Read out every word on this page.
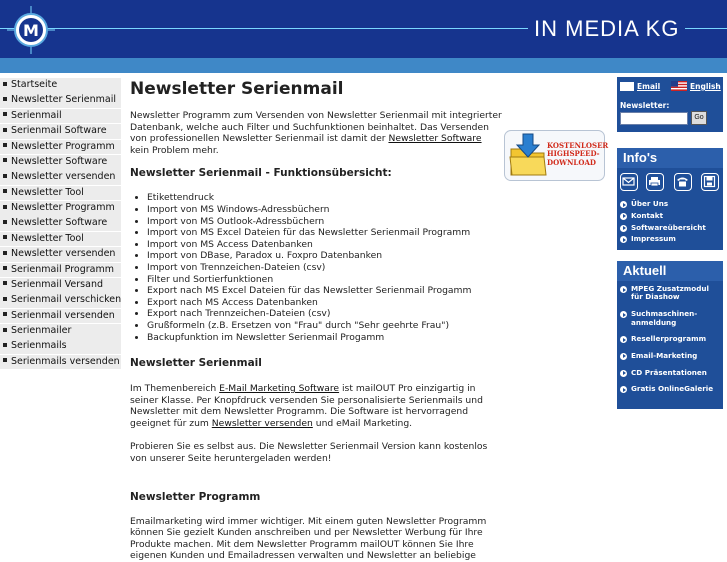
M	IN MEDIA KG
Startseite
Newsletter Serienmail
Serienmail
Serienmail Software
Newsletter Programm
Newsletter Software
Newsletter versenden
Newsletter Tool
Newsletter Programm
Newsletter Software
Newsletter Tool
Newsletter versenden
Serienmail Programm
Serienmail Versand
Serienmail verschicken
Serienmail versenden
Serienmailer
Serienmails
Serienmails versenden
Newsletter Serienmail

Newsletter Programm zum Versenden von Newsletter Serienmail mit integrierter Datenbank, welche auch Filter und Suchfunktionen beinhaltet. Das Versenden von professionellen Newsletter Serienmail ist damit der Newsletter Software kein Problem mehr.

Newsletter Serienmail - Funktionsübersicht:
• Etikettendruck
• Import von MS Windows-Adressbüchern
• Import von MS Outlook-Adressbüchern
• Import von MS Excel Dateien für das Newsletter Serienmail Programm
• Import von MS Access Datenbanken
• Import von DBase, Paradox u. Foxpro Datenbanken
• Import von Trennzeichen-Dateien (csv)
• Filter und Sortierfunktionen
• Export nach MS Excel Dateien für das Newsletter Serienmail Progamm
• Export nach MS Access Datenbanken
• Export nach Trennzeichen-Dateien (csv)
• Grußformeln (z.B. Ersetzen von "Frau" durch "Sehr geehrte Frau")
• Backupfunktion im Newsletter Serienmail Progamm
Newsletter Serienmail

Im Themenbereich E-Mail Marketing Software ist mailOUT Pro einzigartig in seiner Klasse. Per Knopfdruck versenden Sie personalisierte Serienmails und Newsletter mit dem Newsletter Programm. Die Software ist hervorragend geeignet für zum Newsletter versenden und eMail Marketing.

Probieren Sie es selbst aus. Die Newsletter Serienmail Version kann kostenlos von unserer Seite heruntergeladen werden!

Newsletter Programm

Emailmarketing wird immer wichtiger. Mit einem guten Newsletter Programm können Sie gezielt Kunden anschreiben und per Newsletter Werbung für Ihre Produkte machen. Mit dem Newsletter Programm mailOUT können Sie Ihre eigenen Kunden und Emailadressen verwalten und Newsletter an beliebige

KOSTENLOSER
HIGHSPEED-
DOWNLOAD
Email	English
Newsletter:
Go
Info's
Über Uns
Kontakt
Softwareübersicht
Impressum
Aktuell
MPEG Zusatzmodul für Diashow
Suchmaschinen-anmeldung
Resellerprogramm
Email-Marketing
CD Präsentationen
Gratis OnlineGalerie
